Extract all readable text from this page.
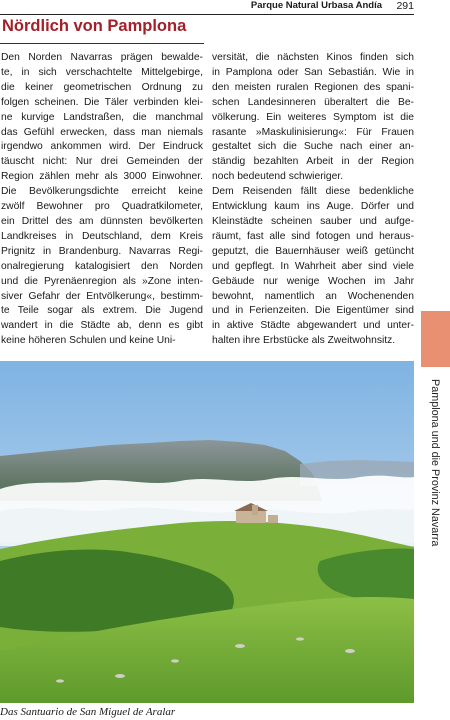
Parque Natural Urbasa Andía	291
Nördlich von Pamplona
Den Norden Navarras prägen bewalde-
te, in sich verschachtelte Mittelgebirge,
die keiner geometrischen Ordnung zu
folgen scheinen. Die Täler verbinden klei-
ne kurvige Landstraßen, die manchmal
das Gefühl erwecken, dass man niemals
irgendwo ankommen wird. Der Eindruck
täuscht nicht: Nur drei Gemeinden der
Region zählen mehr als 3000 Einwohner.
Die Bevölkerungsdichte erreicht keine
zwölf Bewohner pro Quadratkilometer,
ein Drittel des am dünnsten bevölkerten
Landkreises in Deutschland, dem Kreis
Prignitz in Brandenburg. Navarras Regi-
onalregierung katalogisiert den Norden
und die Pyrenäenregion als »Zone inten-
siver Gefahr der Entvölkerung«, bestimm-
te Teile sogar als extrem. Die Jugend
wandert in die Städte ab, denn es gibt
keine höheren Schulen und keine Uni-
versität, die nächsten Kinos finden sich
in Pamplona oder San Sebastián. Wie in
den meisten ruralen Regionen des spani-
schen Landesinneren überaltert die Be-
völkerung. Ein weiteres Symptom ist die
rasante »Maskulinisierung«: Für Frauen
gestaltet sich die Suche nach einer an-
ständig bezahlten Arbeit in der Region
noch bedeutend schwieriger.
Dem Reisenden fällt diese bedenkliche
Entwicklung kaum ins Auge. Dörfer und
Kleinstädte scheinen sauber und aufge-
räumt, fast alle sind fotogen und heraus-
geputzt, die Bauernhäuser weiß getüncht
und gepflegt. In Wahrheit aber sind viele
Gebäude nur wenige Wochen im Jahr
bewohnt, namentlich an Wochenenden
und in Ferienzeiten. Die Eigentümer sind
in aktive Städte abgewandert und unter-
halten ihre Erbstücke als Zweitwohnsitz.
Pamplona und die Provinz Navarra
Das Santuario de San Miguel de Aralar
